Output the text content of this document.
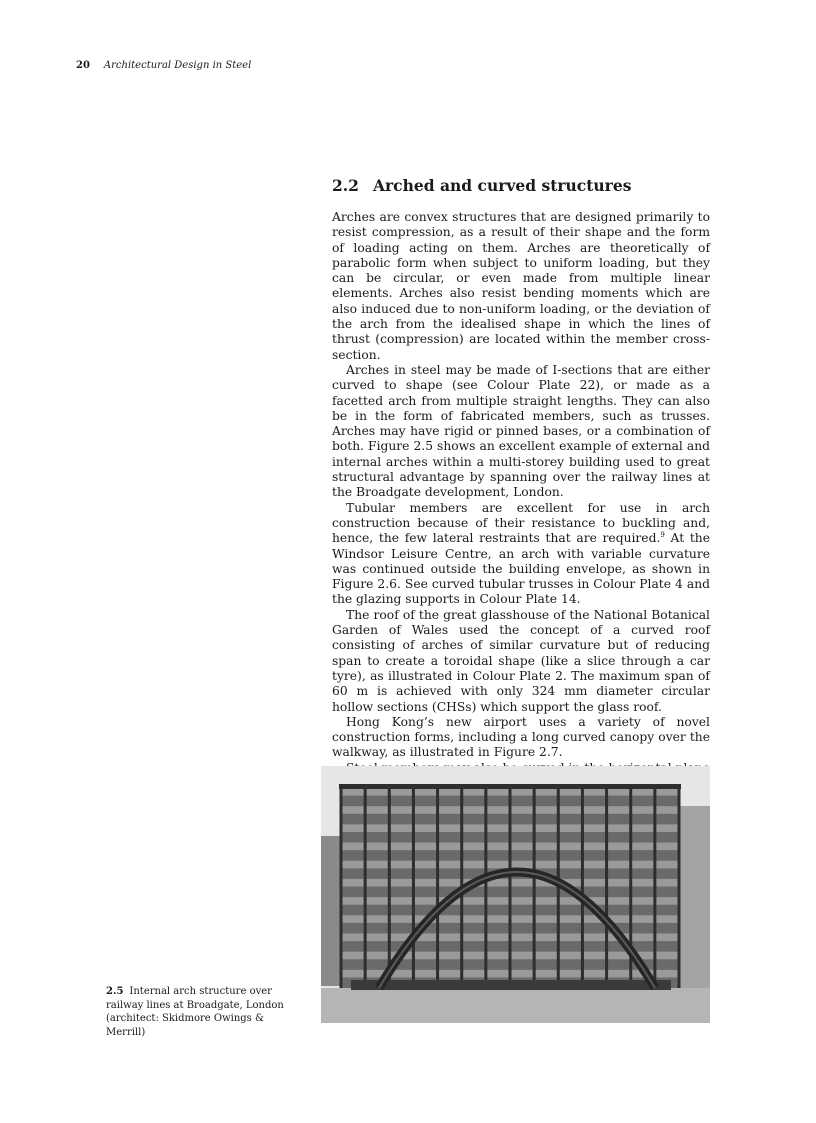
20 Architectural Design in Steel
2.2 Arched and curved structures

Arches are convex structures that are designed primarily to resist compression, as a result of their shape and the form of loading acting on them. Arches are theoretically of parabolic form when subject to uniform loading, but they can be circular, or even made from multiple linear elements. Arches also resist bending moments which are also induced due to non-uniform loading, or the deviation of the arch from the idealised shape in which the lines of thrust (compression) are located within the member cross-section.

Arches in steel may be made of I-sections that are either curved to shape (see Colour Plate 22), or made as a facetted arch from multiple straight lengths. They can also be in the form of fabricated members, such as trusses. Arches may have rigid or pinned bases, or a combination of both. Figure 2.5 shows an excellent example of external and internal arches within a multi-storey building used to great structural advantage by spanning over the railway lines at the Broadgate development, London.

Tubular members are excellent for use in arch construction because of their resistance to buckling and, hence, the few lateral restraints that are required.$^9$ At the Windsor Leisure Centre, an arch with variable curvature was continued outside the building envelope, as shown in Figure 2.6. See curved tubular trusses in Colour Plate 4 and the glazing supports in Colour Plate 14.

The roof of the great glasshouse of the National Botanical Garden of Wales used the concept of a curved roof consisting of arches of similar curvature but of reducing span to create a toroidal shape (like a slice through a car tyre), as illustrated in Colour Plate 2. The maximum span of 60 m is achieved with only 324 mm diameter circular hollow sections (CHSs) which support the glass roof.

Hong Kong’s new airport uses a variety of novel construction forms, including a long curved canopy over the walkway, as illustrated in Figure 2.7.

2.5 Internal arch structure over railway lines at Broadgate, London (architect: Skidmore Owings & Merrill)
